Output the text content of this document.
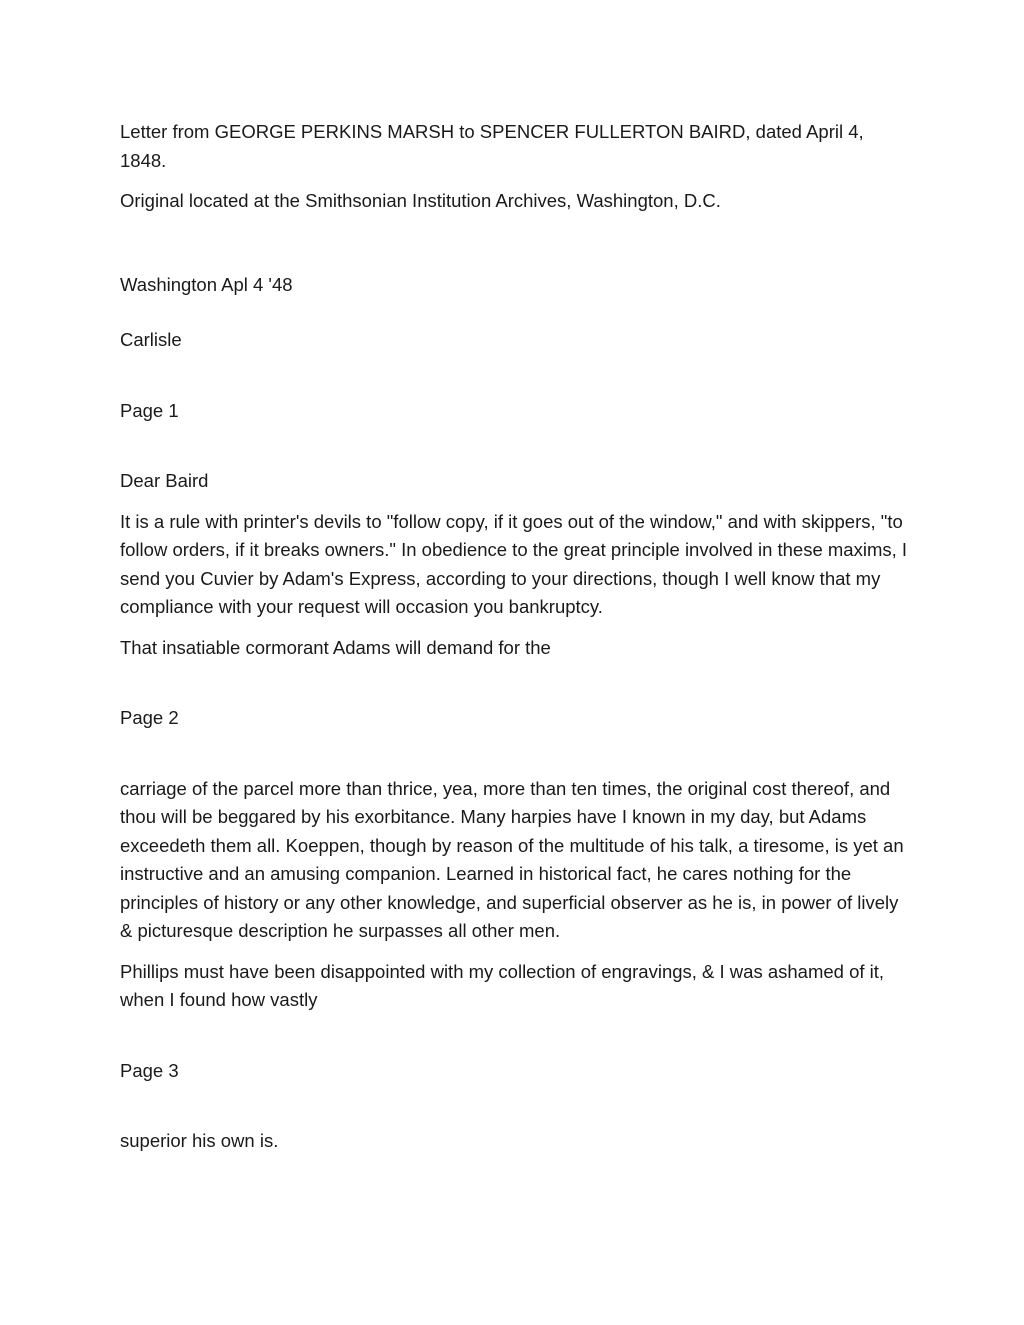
Letter from GEORGE PERKINS MARSH to SPENCER FULLERTON BAIRD, dated April 4, 1848.

Original located at the Smithsonian Institution Archives, Washington, D.C.

Washington Apl 4 '48

Carlisle

Page 1

Dear Baird

It is a rule with printer's devils to "follow copy, if it goes out of the window," and with skippers, "to follow orders, if it breaks owners." In obedience to the great principle involved in these maxims, I send you Cuvier by Adam's Express, according to your directions, though I well know that my compliance with your request will occasion you bankruptcy.

That insatiable cormorant Adams will demand for the

Page 2

carriage of the parcel more than thrice, yea, more than ten times, the original cost thereof, and thou will be beggared by his exorbitance. Many harpies have I known in my day, but Adams exceedeth them all. Koeppen, though by reason of the multitude of his talk, a tiresome, is yet an instructive and an amusing companion. Learned in historical fact, he cares nothing for the principles of history or any other knowledge, and superficial observer as he is, in power of lively & picturesque description he surpasses all other men.

Phillips must have been disappointed with my collection of engravings, & I was ashamed of it, when I found how vastly

Page 3

superior his own is.
